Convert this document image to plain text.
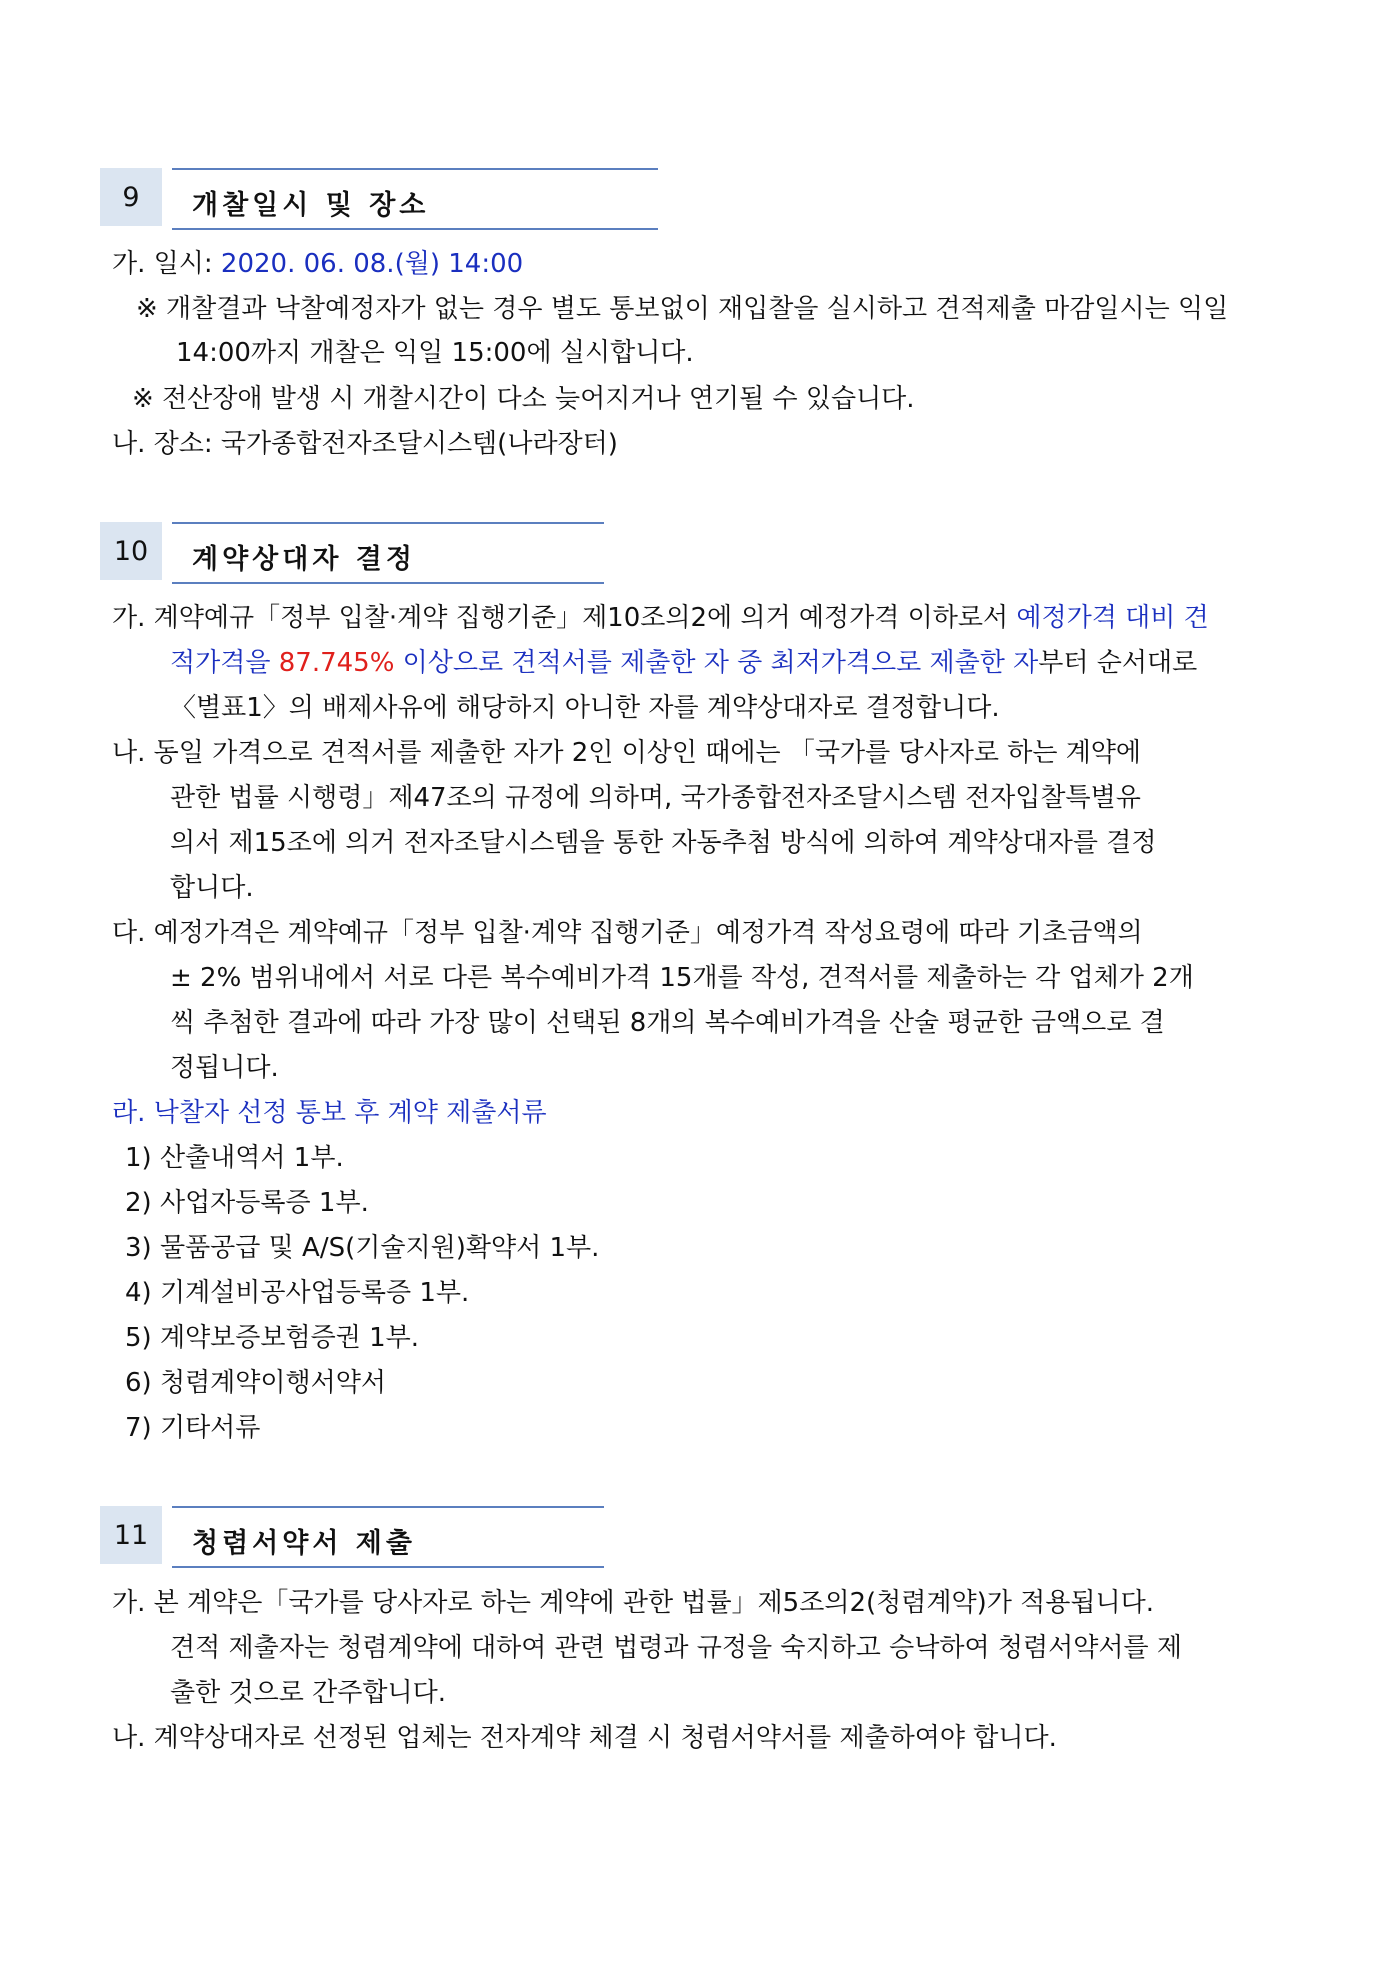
9	개찰일시 및 장소
가. 일시: 2020. 06. 08.(월) 14:00
※ 개찰결과 낙찰예정자가 없는 경우 별도 통보없이 재입찰을 실시하고 견적제출 마감일시는 익일
14:00까지 개찰은 익일 15:00에 실시합니다.
※ 전산장애 발생 시 개찰시간이 다소 늦어지거나 연기될 수 있습니다.
나. 장소: 국가종합전자조달시스템(나라장터)
10	계약상대자 결정
가. 계약예규「정부 입찰·계약 집행기준」제10조의2에 의거 예정가격 이하로서 예정가격 대비 견
적가격을 87.745% 이상으로 견적서를 제출한 자 중 최저가격으로 제출한 자부터 순서대로
〈별표1〉의 배제사유에 해당하지 아니한 자를 계약상대자로 결정합니다.
나. 동일 가격으로 견적서를 제출한 자가 2인 이상인 때에는 「국가를 당사자로 하는 계약에
관한 법률 시행령」제47조의 규정에 의하며, 국가종합전자조달시스템 전자입찰특별유
의서 제15조에 의거 전자조달시스템을 통한 자동추첨 방식에 의하여 계약상대자를 결정
합니다.
다. 예정가격은 계약예규「정부 입찰·계약 집행기준」예정가격 작성요령에 따라 기초금액의
± 2% 범위내에서 서로 다른 복수예비가격 15개를 작성, 견적서를 제출하는 각 업체가 2개
씩 추첨한 결과에 따라 가장 많이 선택된 8개의 복수예비가격을 산술 평균한 금액으로 결
정됩니다.
라. 낙찰자 선정 통보 후 계약 제출서류
1) 산출내역서 1부.
2) 사업자등록증 1부.
3) 물품공급 및 A/S(기술지원)확약서 1부.
4) 기계설비공사업등록증 1부.
5) 계약보증보험증권 1부.
6) 청렴계약이행서약서
7) 기타서류
11	청렴서약서 제출
가. 본 계약은「국가를 당사자로 하는 계약에 관한 법률」제5조의2(청렴계약)가 적용됩니다.
견적 제출자는 청렴계약에 대하여 관련 법령과 규정을 숙지하고 승낙하여 청렴서약서를 제
출한 것으로 간주합니다.
나. 계약상대자로 선정된 업체는 전자계약 체결 시 청렴서약서를 제출하여야 합니다.
